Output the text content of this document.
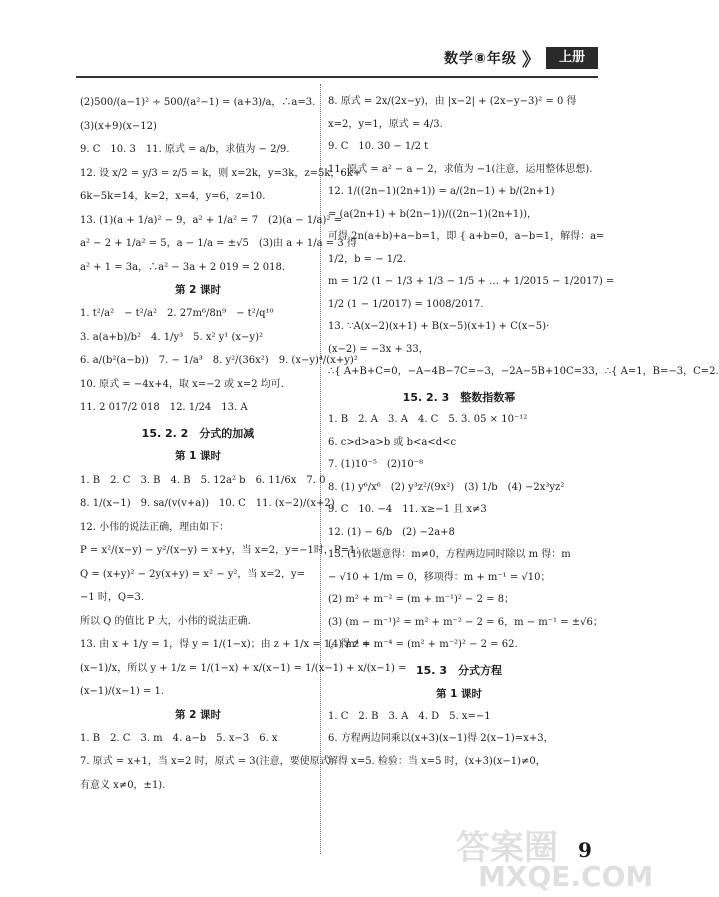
数学⑧年级 》	上册
(2)500/(a−1)² ÷ 500/(a²−1) = (a+3)/a，∴a=3.
(3)(x+9)(x−12)
9. C　10. 3　11. 原式 = a/b，求值为 − 2/9.
12. 设 x/2 = y/3 = z/5 = k，则 x=2k，y=3k，z=5k，6k+
6k−5k=14，k=2，x=4，y=6，z=10.
13. (1)(a + 1/a)² − 9，a² + 1/a² = 7　(2)(a − 1/a)² =
a² − 2 + 1/a² = 5，a − 1/a = ±√5　(3)由 a + 1/a = 3 得
a² + 1 = 3a，∴a² − 3a + 2 019 = 2 018.
第 2 课时
1. t²/a²　− t²/a²　2. 27m⁶/8n⁹　− t²/q¹⁰
3. a(a+b)/b²　4. 1/y³　5. x² y¹ (x−y)²
6. a/(b²(a−b))　7. − 1/a³　8. y²/(36x²)　9. (x−y)⁴/(x+y)²
10. 原式 = −4x+4，取 x=−2 或 x=2 均可.
11. 2 017/2 018　12. 1/24　13. A
15. 2. 2　分式的加减
第 1 课时
1. B　2. C　3. B　4. B　5. 12a² b　6. 11/6x　7. 0
8. 1/(x−1)　9. sa/(v(v+a))　10. C　11. (x−2)/(x+2)
12. 小伟的说法正确，理由如下：
P = x²/(x−y) − y²/(x−y) = x+y，当 x=2，y=−1时，P=1；
Q = (x+y)² − 2y(x+y) = x² − y²，当 x=2，y=
−1 时，Q=3.
所以 Q 的值比 P 大，小伟的说法正确.
13. 由 x + 1/y = 1，得 y = 1/(1−x)；由 z + 1/x = 1，得 z =
(x−1)/x，所以 y + 1/z = 1/(1−x) + x/(x−1) = 1/(x−1) + x/(x−1) =
(x−1)/(x−1) = 1.
第 2 课时
1. B　2. C　3. m　4. a−b　5. x−3　6. x
7. 原式 = x+1，当 x=2 时，原式 = 3(注意，要使原式
有意义 x≠0，±1).
8. 原式 = 2x/(2x−y)，由 |x−2| + (2x−y−3)² = 0 得
x=2，y=1，原式 = 4/3.
9. C　10. 30 − 1/2 t
11. 原式 = a² − a − 2，求值为 −1(注意，运用整体思想).
12. 1/((2n−1)(2n+1)) = a/(2n−1) + b/(2n+1)
= (a(2n+1) + b(2n−1))/((2n−1)(2n+1))，
可得 2n(a+b)+a−b=1，即 { a+b=0，a−b=1，解得：a=
1/2，b = − 1/2.
m = 1/2 (1 − 1/3 + 1/3 − 1/5 + … + 1/2015 − 1/2017) =
1/2 (1 − 1/2017) = 1008/2017.
13. ∵A(x−2)(x+1) + B(x−5)(x+1) + C(x−5)·
(x−2) = −3x + 33，
∴{ A+B+C=0，−A−4B−7C=−3，−2A−5B+10C=33，∴{ A=1，B=−3，C=2.
15. 2. 3　整数指数幂
1. B　2. A　3. A　4. C　5. 3. 05 × 10⁻¹²
6. c>d>a>b 或 b<a<d<c
7. (1)10⁻⁵　(2)10⁻⁸
8. (1) y⁶/x⁶　(2) y³z²/(9x²)　(3) 1/b　(4) −2x³yz²
9. C　10. −4　11. x≥−1 且 x≠3
12. (1) − 6/b　(2) −2a+8
13. (1)依题意得：m≠0，方程两边同时除以 m 得：m
− √10 + 1/m = 0，移项得：m + m⁻¹ = √10；
(2) m² + m⁻² = (m + m⁻¹)² − 2 = 8；
(3) (m − m⁻¹)² = m² + m⁻² − 2 = 6，m − m⁻¹ = ±√6；
(4) m⁴ + m⁻⁴ = (m² + m⁻²)² − 2 = 62.
15. 3　分式方程
第 1 课时
1. C　2. B　3. A　4. D　5. x=−1
6. 方程两边同乘以(x+3)(x−1)得 2(x−1)=x+3，
解得 x=5. 检验：当 x=5 时，(x+3)(x−1)≠0，
答案圈
MXQE.COM
9
